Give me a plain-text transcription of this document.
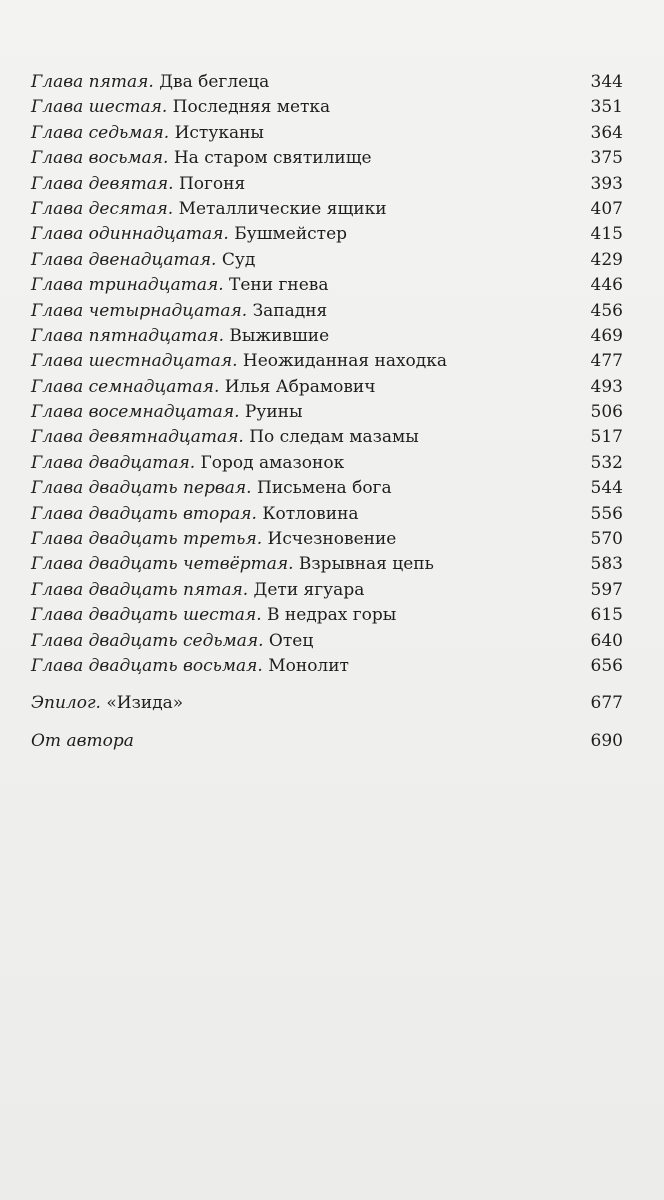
Глава пятая. Два беглеца . . .	344
Глава шестая. Последняя метка . . .	351
Глава седьмая. Истуканы . . .	364
Глава восьмая. На старом святилище . . .	375
Глава девятая. Погоня . . .	393
Глава десятая. Металлические ящики . . .	407
Глава одиннадцатая. Бушмейстер . . .	415
Глава двенадцатая. Суд . . .	429
Глава тринадцатая. Тени гнева . . .	446
Глава четырнадцатая. Западня . . .	456
Глава пятнадцатая. Выжившие . . .	469
Глава шестнадцатая. Неожиданная находка . . .	477
Глава семнадцатая. Илья Абрамович . . .	493
Глава восемнадцатая. Руины . . .	506
Глава девятнадцатая. По следам мазамы . . .	517
Глава двадцатая. Город амазонок . . .	532
Глава двадцать первая. Письмена бога . . .	544
Глава двадцать вторая. Котловина . . .	556
Глава двадцать третья. Исчезновение . . .	570
Глава двадцать четвёртая. Взрывная цепь . . .	583
Глава двадцать пятая. Дети ягуара . . .	597
Глава двадцать шестая. В недрах горы . . .	615
Глава двадцать седьмая. Отец . . .	640
Глава двадцать восьмая. Монолит . . .	656
Эпилог. «Изида» . . .	677
От автора . . .	690
